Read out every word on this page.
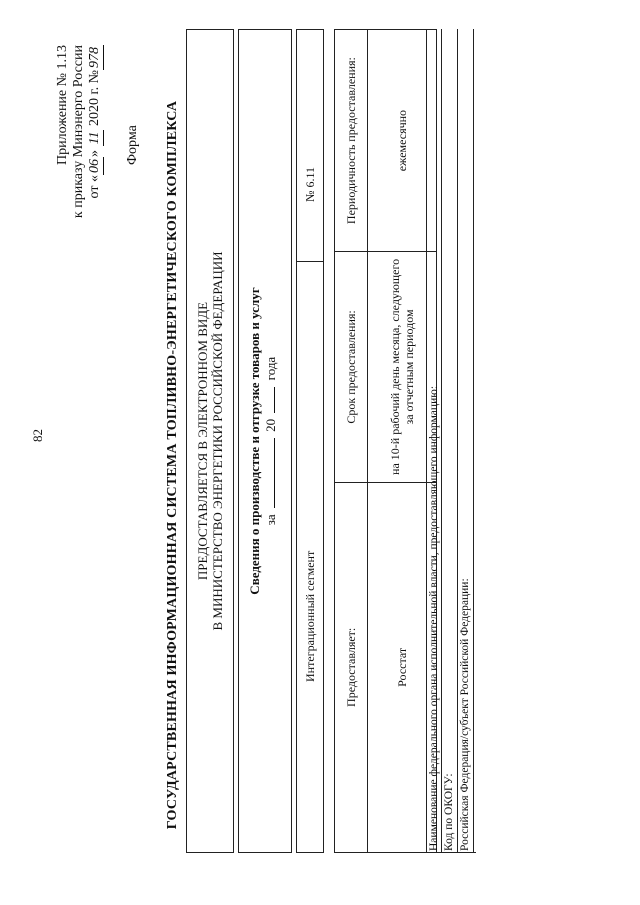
82
Приложение № 1.13 к приказу Минэнерго России от «06» 11 2020 г. №978
Форма ГОСУДАРСТВЕННАЯ ИНФОРМАЦИОННАЯ СИСТЕМА ТОПЛИВНО-ЭНЕРГЕТИЧЕСКОГО КОМПЛЕКСА ПРЕДОСТАВЛЯЕТСЯ В ЭЛЕКТРОННОМ ВИДЕ В МИНИСТЕРСТВО ЭНЕРГЕТИКИ РОССИЙСКОЙ ФЕДЕРАЦИИ Сведения о производстве и отгрузке товаров и услуг за  20  года
Интеграционный сегмент
№ 6.11
Предоставляет:	Срок предоставления:	Периодичность предоставления:
Росстат	на 10-й рабочий день месяца, следующего за отчетным периодом	ежемесячно
Наименование федерального органа исполнительной власти, предоставляющего информацию: Код по ОКОГУ: Российская Федерация/субъект Российской Федерации:
